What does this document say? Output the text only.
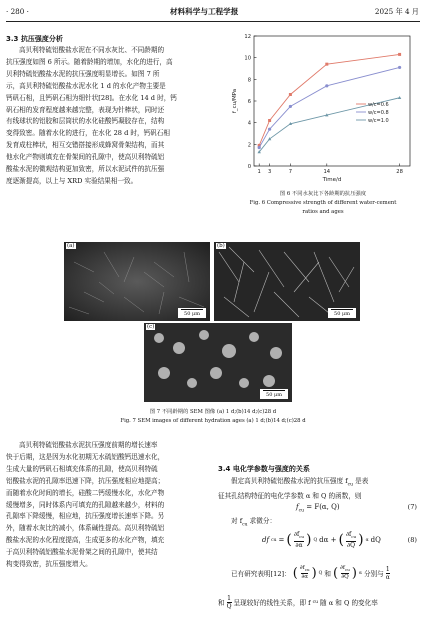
· 280 ·	材料科学与工程学报	2025 年 4 月
3.3 抗压强度分析
高贝利特硫铝酸盐水泥在不同水灰比、不同龄期的
抗压强度如图 6 所示。随着龄期的增加，水化的进行，高
贝利特硫铝酸盐水泥的抗压强度明显增长。如图 7 所
示，高贝利特硫铝酸盐水泥水化 1 d 的水化产物主要是
钙矾石相，且钙矾石相为细针状[28]。在水化 14 d 时，钙
矾石相的发育程度越来越完整，表现为针棒状，同时还
有线球状的铝胶和层筒状的水化硅酸钙凝胶存在，结构
变得致密。随着水化的进行，在水化 28 d 时，钙矾石相
发育成柱棒状，相互交错搭接形成蜂窝骨架结构，而其
他水化产物则填充在骨架间的孔隙中，使高贝利特硫铝
酸盐水泥的微观结构更加致密，所以水泥试件的抗压强
度逐渐提高，以上与 XRD 实验结果相一致。
0
2
4
6
8
10
12
1 3	7	14	28
Time/d
f_cu/MPa	w/c=0.6
w/c=0.8
w/c=1.0
图 6 不同水灰比下各龄期的抗压强度
Fig. 6 Compressive strength of different water-cement
ratios and ages
(a)
50 μm
(b)
50 μm
(c)
50 μm
图 7 不同龄期的 SEM 图像 (a) 1 d;(b)14 d;(c)28 d
Fig. 7 SEM images of different hydration ages (a) 1 d;(b)14 d;(c)28 d
高贝利特硫铝酸盐水泥抗压强度前期的增长速率
快于后期，这是因为水化初期无水硫铝酸钙迅速水化，
生成大量的钙矾石相填充体系的孔隙，使高贝利特硫
铝酸盐水泥的孔隙率迅速下降，抗压强度相应地提高；
而随着水化时间的增长，硅酸二钙缓慢水化，水化产物
缓慢增多，同时体系内可填充的孔隙越来越少，材料的
孔隙率下降缓慢，相应地，抗压强度增长速率下降。另
外，随着水灰比的减小，体系碱性提高。高贝利特硫铝
酸盐水泥的水化程度提高，生成更多的水化产物，填充
于高贝利特硫铝酸盐水泥骨架之间的孔隙中，使其结
构变得致密，抗压强度增大。
3.4 电化学参数与强度的关系
假定高贝利特硫铝酸盐水泥的抗压强度 $f_{cu}$ 是表
征其孔结构特征的电化学参数 α 和 Q 的函数，则
$f_{cu} = F(\alpha$, Q)	(7)
对 $f_{cu}$ 求微分：
df cu = ( $\partial f_{cu}$
∂α ) Q dα + ( $\partial f_{cu}$
∂Q ) α dQ	(8)
已有研究表明[12]： ( $\partial f_{cu}$
∂α ) Q 和 ( $\partial f_{cu}$
∂Q ) α 分别与
1
α
和
1
Q 呈现较好的线性关系，即 f cu 随 α 和 Q 的变化率
